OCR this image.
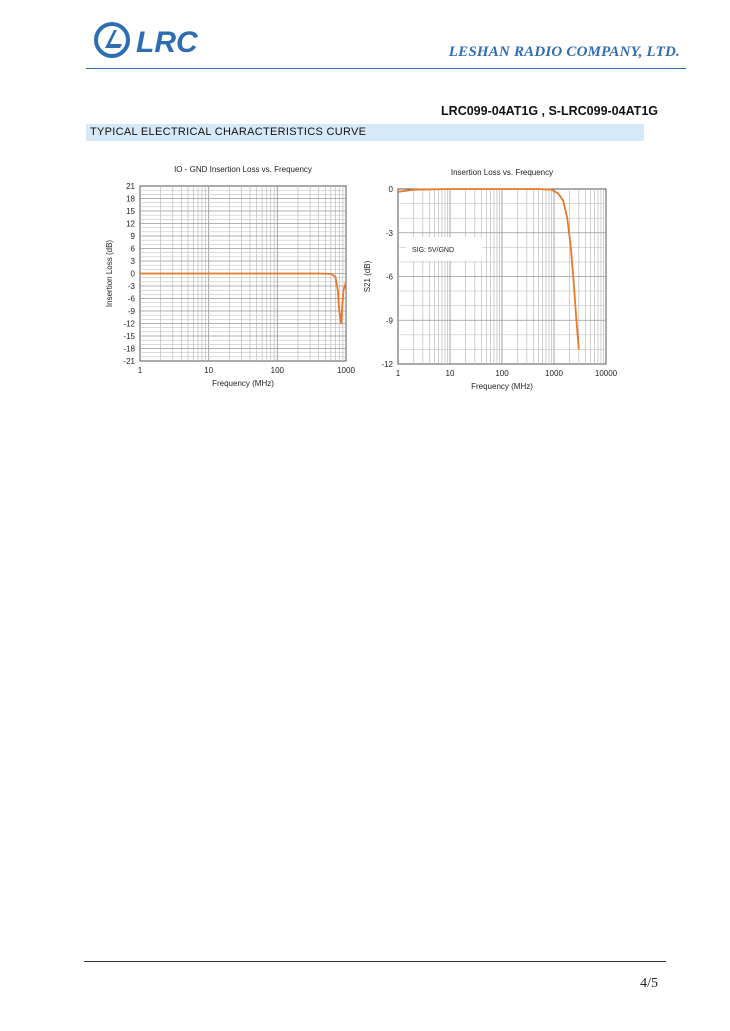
LRC	LESHAN RADIO COMPANY, LTD.
LRC099-04AT1G , S-LRC099-04AT1G
TYPICAL ELECTRICAL CHARACTERISTICS CURVE
21
18
15
12
9
6
3
0
-3
-6
-9
-12
-15
-18
-21
1	10	100	1000
IO - GND Insertion Loss vs. Frequency
Frequency (MHz)
Insertion Loss (dB)
0
-3
-6
-9
-12
1	10	100	1000	10000
Insertion Loss vs. Frequency
Frequency (MHz)
S21 (dB)
SIG: 5V/GND
4/5
